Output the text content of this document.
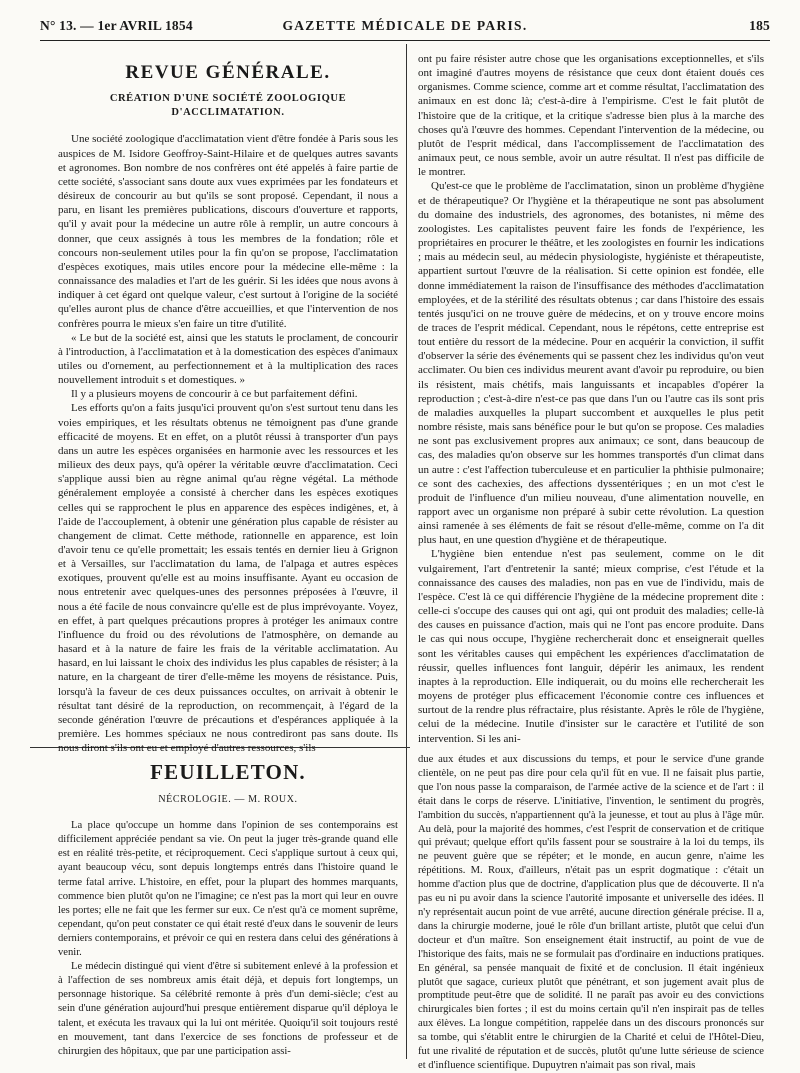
GAZETTE MÉDICALE DE PARIS.
N° 13. — 1er AVRIL 1854	185
REVUE GÉNÉRALE.
CRÉATION D'UNE SOCIÉTÉ ZOOLOGIQUE D'ACCLIMATATION.

Une société zoologique d'acclimatation vient d'être fondée à Paris sous les auspices de M. Isidore Geoffroy-Saint-Hilaire et de quelques autres savants et agronomes. Bon nombre de nos confrères ont été appelés à faire partie de cette société, s'associant sans doute aux vues exprimées par les fondateurs et désireux de concourir au but qu'ils se sont proposé. Cependant, il nous a paru, en lisant les premières publications, discours d'ouverture et rapports, qu'il y avait pour la médecine un autre rôle à remplir, un autre concours à donner, que ceux assignés à tous les membres de la fondation; rôle et concours non-seulement utiles pour la fin qu'on se propose, l'acclimatation d'espèces exotiques, mais utiles encore pour la médecine elle-même : la connaissance des maladies et l'art de les guérir. Si les idées que nous avons à indiquer à cet égard ont quelque valeur, c'est surtout à l'origine de la société qu'elles auront plus de chance d'être accueillies, et que l'intervention de nos confrères pourra le mieux s'en faire un titre d'utilité.

« Le but de la société est, ainsi que les statuts le proclament, de concourir à l'introduction, à l'acclimatation et à la domestication des espèces d'animaux utiles ou d'ornement, au perfectionnement et à la multiplication des races nouvellement introduit s et domestiques. »

Il y a plusieurs moyens de concourir à ce but parfaitement défini.

Les efforts qu'on a faits jusqu'ici prouvent qu'on s'est surtout tenu dans les voies empiriques, et les résultats obtenus ne témoignent pas d'une grande efficacité de moyens. Et en effet, on a plutôt réussi à transporter d'un pays dans un autre les espèces organisées en harmonie avec les ressources et les milieux des deux pays, qu'à opérer la véritable œuvre d'acclimatation. Ceci s'applique aussi bien au règne animal qu'au règne végétal. La méthode généralement employée a consisté à chercher dans les espèces exotiques celles qui se rapprochent le plus en apparence des espèces indigènes, et, à l'aide de l'accouplement, à obtenir une génération plus capable de résister au changement de climat. Cette méthode, rationnelle en apparence, est loin d'avoir tenu ce qu'elle promettait; les essais tentés en dernier lieu à Grignon et à Versailles, sur l'acclimatation du lama, de l'alpaga et autres espèces exotiques, prouvent qu'elle est au moins insuffisante. Ayant eu occasion de nous entretenir avec quelques-unes des personnes préposées à l'œuvre, il nous a été facile de nous convaincre qu'elle est de plus imprévoyante. Voyez, en effet, à part quelques précautions propres à protéger les animaux contre l'influence du froid ou des révolutions de l'atmosphère, on demande au hasard et à la nature de faire les frais de la véritable acclimatation. Au hasard, en lui laissant le choix des individus les plus capables de résister; à la nature, en la chargeant de tirer d'elle-même les moyens de résistance. Puis, lorsqu'à la faveur de ces deux puissances occultes, on arrivait à obtenir le résultat tant désiré de la reproduction, on recommençait, à l'égard de la seconde génération l'œuvre de précautions et d'espérances appliquée à la première. Les hommes spéciaux ne nous contrediront pas sans doute. Ils nous diront s'ils ont eu et employé d'autres ressources, s'ils

ont pu faire résister autre chose que les organisations exceptionnelles, et s'ils ont imaginé d'autres moyens de résistance que ceux dont étaient doués ces organismes. Comme science, comme art et comme résultat, l'acclimatation des animaux en est donc là; c'est-à-dire à l'empirisme. C'est le fait plutôt de l'histoire que de la critique, et la critique s'adresse bien plus à la marche des choses qu'à l'œuvre des hommes. Cependant l'intervention de la médecine, ou plutôt de l'esprit médical, dans l'accomplissement de l'acclimatation des animaux peut, ce nous semble, avoir un autre résultat. Il n'est pas difficile de le montrer.

Qu'est-ce que le problème de l'acclimatation, sinon un problème d'hygiène et de thérapeutique? Or l'hygiène et la thérapeutique ne sont pas absolument du domaine des industriels, des agronomes, des botanistes, ni même des zoologistes. Les capitalistes peuvent faire les fonds de l'expérience, les propriétaires en procurer le théâtre, et les zoologistes en fournir les indications ; mais au médecin seul, au médecin physiologiste, hygiéniste et thérapeutiste, appartient surtout l'œuvre de la réalisation. Si cette opinion est fondée, elle donne immédiatement la raison de l'insuffisance des méthodes d'acclimatation employées, et de la stérilité des résultats obtenus ; car dans l'histoire des essais tentés jusqu'ici on ne trouve guère de médecins, et on y trouve encore moins de traces de l'esprit médical. Cependant, nous le répétons, cette entreprise est tout entière du ressort de la médecine. Pour en acquérir la conviction, il suffit d'observer la série des événements qui se passent chez les individus qu'on veut acclimater. Ou bien ces individus meurent avant d'avoir pu reproduire, ou bien ils résistent, mais chétifs, mais languissants et incapables d'opérer la reproduction ; c'est-à-dire n'est-ce pas que dans l'un ou l'autre cas ils sont pris de maladies auxquelles la plupart succombent et auxquelles le plus petit nombre résiste, mais sans bénéfice pour le but qu'on se propose. Ces maladies ne sont pas exclusivement propres aux animaux; ce sont, dans beaucoup de cas, des maladies qu'on observe sur les hommes transportés d'un climat dans un autre : c'est l'affection tuberculeuse et en particulier la phthisie pulmonaire; ce sont des cachexies, des affections dyssentériques ; en un mot c'est le produit de l'influence d'un milieu nouveau, d'une alimentation nouvelle, en rapport avec un organisme non préparé à subir cette révolution. La question ainsi ramenée à ses éléments de fait se résout d'elle-même, comme on l'a dit plus haut, en une question d'hygiène et de thérapeutique.

L'hygiène bien entendue n'est pas seulement, comme on le dit vulgairement, l'art d'entretenir la santé; mieux comprise, c'est l'étude et la connaissance des causes des maladies, non pas en vue de l'individu, mais de l'espèce. C'est là ce qui différencie l'hygiène de la médecine proprement dite : celle-ci s'occupe des causes qui ont agi, qui ont produit des maladies; celle-là des causes en puissance d'action, mais qui ne l'ont pas encore produite. Dans le cas qui nous occupe, l'hygiène rechercherait donc et enseignerait quelles sont les véritables causes qui empêchent les expériences d'acclimatation de réussir, quelles influences font languir, dépérir les animaux, les rendent inaptes à la reproduction. Elle indiquerait, ou du moins elle rechercherait les moyens de protéger plus efficacement l'économie contre ces influences et surtout de la rendre plus réfractaire, plus résistante. Après le rôle de l'hygiène, celui de la médecine. Inutile d'insister sur le caractère et l'utilité de son intervention. Si les ani-

FEUILLETON.
NÉCROLOGIE. — M. ROUX.

La place qu'occupe un homme dans l'opinion de ses contemporains est difficilement appréciée pendant sa vie. On peut la juger très-grande quand elle est en réalité très-petite, et réciproquement. Ceci s'applique surtout à ceux qui, ayant beaucoup vécu, sont depuis longtemps entrés dans l'histoire quand le terme fatal arrive. L'histoire, en effet, pour la plupart des hommes marquants, commence bien plutôt qu'on ne l'imagine; ce n'est pas la mort qui leur en ouvre les portes; elle ne fait que les fermer sur eux. Ce n'est qu'à ce moment suprême, cependant, qu'on peut constater ce qui était resté d'eux dans le souvenir de leurs derniers contemporains, et prévoir ce qui en restera dans celui des générations à venir.

Le médecin distingué qui vient d'être si subitement enlevé à la profession et à l'affection de ses nombreux amis était déjà, et depuis fort longtemps, un personnage historique. Sa célébrité remonte à près d'un demi-siècle; c'est au sein d'une génération aujourd'hui presque entièrement disparue qu'il déploya le talent, et exécuta les travaux qui la lui ont méritée. Quoiqu'il soit toujours resté en mouvement, tant dans l'exercice de ses fonctions de professeur et de chirurgien des hôpitaux, que par une participation assi-

due aux études et aux discussions du temps, et pour le service d'une grande clientèle, on ne peut pas dire pour cela qu'il fût en vue. Il ne faisait plus partie, que l'on nous passe la comparaison, de l'armée active de la science et de l'art : il était dans le corps de réserve. L'initiative, l'invention, le sentiment du progrès, l'ambition du succès, n'appartiennent qu'à la jeunesse, et tout au plus à l'âge mûr. Au delà, pour la majorité des hommes, c'est l'esprit de conservation et de critique qui prévaut; quelque effort qu'ils fassent pour se soustraire à la loi du temps, ils ne peuvent guère que se répéter; et le monde, en aucun genre, n'aime les répétitions. M. Roux, d'ailleurs, n'était pas un esprit dogmatique : c'était un homme d'action plus que de doctrine, d'application plus que de découverte. Il n'a pas eu ni pu avoir dans la science l'autorité imposante et universelle des idées. Il n'y représentait aucun point de vue arrêté, aucune direction générale précise. Il a, dans la chirurgie moderne, joué le rôle d'un brillant artiste, plutôt que celui d'un docteur et d'un maître. Son enseignement était instructif, au point de vue de l'historique des faits, mais ne se formulait pas d'ordinaire en inductions pratiques. En général, sa pensée manquait de fixité et de conclusion. Il était ingénieux plutôt que sagace, curieux plutôt que pénétrant, et son jugement avait plus de promptitude peut-être que de solidité. Il ne paraît pas avoir eu des convictions chirurgicales bien fortes ; il est du moins certain qu'il n'en inspirait pas de telles aux élèves. La longue compétition, rappelée dans un des discours prononcés sur sa tombe, qui s'établit entre le chirurgien de la Charité et celui de l'Hôtel-Dieu, fut une rivalité de réputation et de succès, plutôt qu'une lutte sérieuse de science et d'influence scientifique. Dupuytren n'aimait pas son rival, mais
